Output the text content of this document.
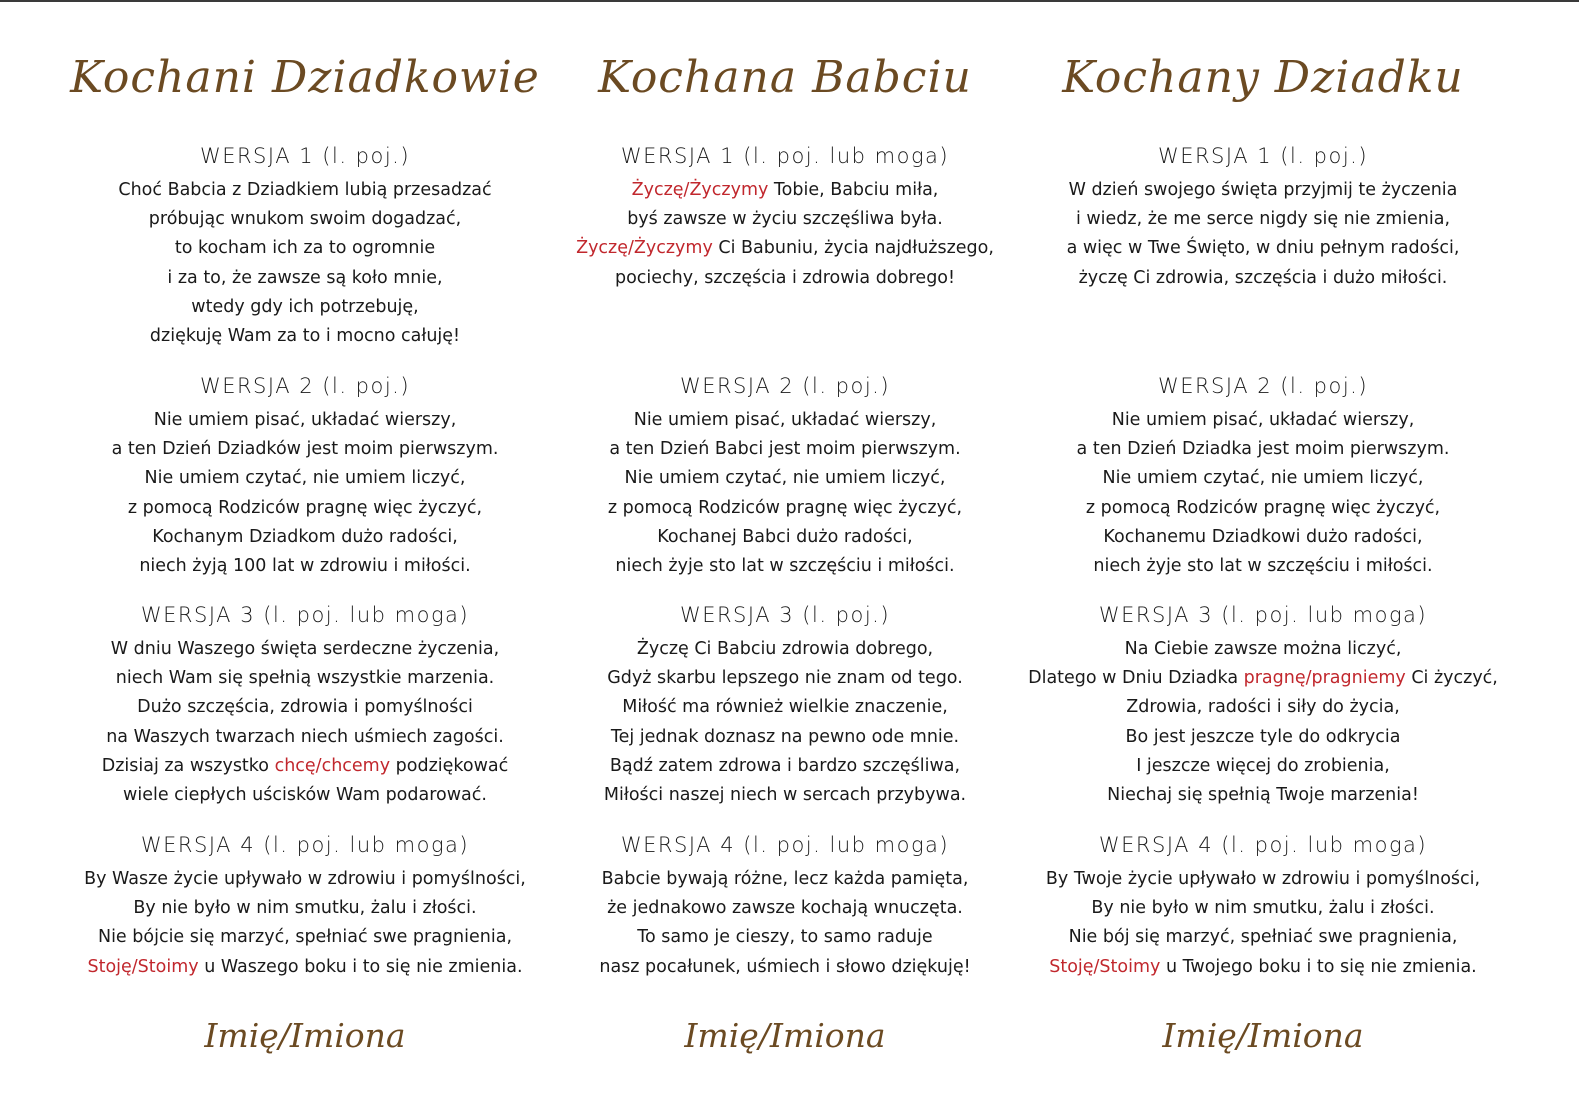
Kochani Dziadkowie
WERSJA 1 (l. poj.)
Choć Babcia z Dziadkiem lubią przesadzać
próbując wnukom swoim dogadzać,
to kocham ich za to ogromnie
i za to, że zawsze są koło mnie,
wtedy gdy ich potrzebuję,
dziękuję Wam za to i mocno całuję!
WERSJA 2 (l. poj.)
Nie umiem pisać, układać wierszy,
a ten Dzień Dziadków jest moim pierwszym.
Nie umiem czytać, nie umiem liczyć,
z pomocą Rodziców pragnę więc życzyć,
Kochanym Dziadkom dużo radości,
niech żyją 100 lat w zdrowiu i miłości.
WERSJA 3 (l. poj. lub moga)
W dniu Waszego święta serdeczne życzenia,
niech Wam się spełnią wszystkie marzenia.
Dużo szczęścia, zdrowia i pomyślności
na Waszych twarzach niech uśmiech zagości.
Dzisiaj za wszystko chcę/chcemy podziękować
wiele ciepłych uścisków Wam podarować.
WERSJA 4 (l. poj. lub moga)
By Wasze życie upływało w zdrowiu i pomyślności,
By nie było w nim smutku, żalu i złości.
Nie bójcie się marzyć, spełniać swe pragnienia,
Stoję/Stoimy u Waszego boku i to się nie zmienia.
Imię/Imiona
Kochana Babciu
WERSJA 1 (l. poj. lub moga)
Życzę/Życzymy Tobie, Babciu miła,
byś zawsze w życiu szczęśliwa była.
Życzę/Życzymy Ci Babuniu, życia najdłuższego,
pociechy, szczęścia i zdrowia dobrego!
WERSJA 2 (l. poj.)
Nie umiem pisać, układać wierszy,
a ten Dzień Babci jest moim pierwszym.
Nie umiem czytać, nie umiem liczyć,
z pomocą Rodziców pragnę więc życzyć,
Kochanej Babci dużo radości,
niech żyje sto lat w szczęściu i miłości.
WERSJA 3 (l. poj.)
Życzę Ci Babciu zdrowia dobrego,
Gdyż skarbu lepszego nie znam od tego.
Miłość ma również wielkie znaczenie,
Tej jednak doznasz na pewno ode mnie.
Bądź zatem zdrowa i bardzo szczęśliwa,
Miłości naszej niech w sercach przybywa.
WERSJA 4 (l. poj. lub moga)
Babcie bywają różne, lecz każda pamięta,
że jednakowo zawsze kochają wnuczęta.
To samo je cieszy, to samo raduje
nasz pocałunek, uśmiech i słowo dziękuję!
Imię/Imiona
Kochany Dziadku
WERSJA 1 (l. poj.)
W dzień swojego święta przyjmij te życzenia
i wiedz, że me serce nigdy się nie zmienia,
a więc w Twe Święto, w dniu pełnym radości,
życzę Ci zdrowia, szczęścia i dużo miłości.
WERSJA 2 (l. poj.)
Nie umiem pisać, układać wierszy,
a ten Dzień Dziadka jest moim pierwszym.
Nie umiem czytać, nie umiem liczyć,
z pomocą Rodziców pragnę więc życzyć,
Kochanemu Dziadkowi dużo radości,
niech żyje sto lat w szczęściu i miłości.
WERSJA 3 (l. poj. lub moga)
Na Ciebie zawsze można liczyć,
Dlatego w Dniu Dziadka pragnę/pragniemy Ci życzyć,
Zdrowia, radości i siły do życia,
Bo jest jeszcze tyle do odkrycia
I jeszcze więcej do zrobienia,
Niechaj się spełnią Twoje marzenia!
WERSJA 4 (l. poj. lub moga)
By Twoje życie upływało w zdrowiu i pomyślności,
By nie było w nim smutku, żalu i złości.
Nie bój się marzyć, spełniać swe pragnienia,
Stoję/Stoimy u Twojego boku i to się nie zmienia.
Imię/Imiona
